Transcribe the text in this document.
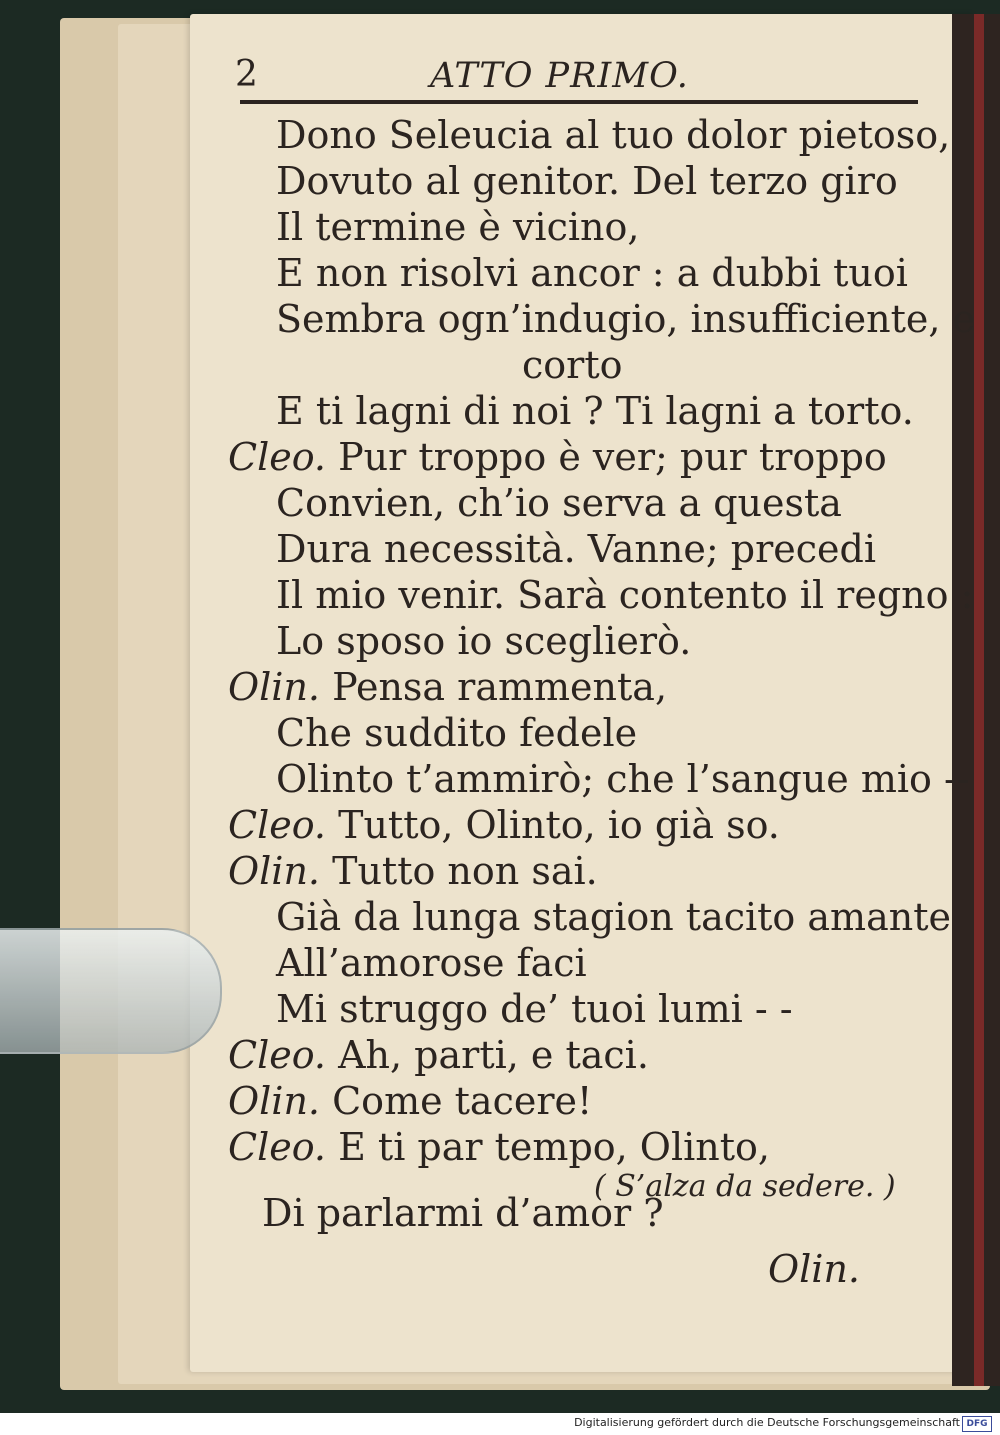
2	ATTO PRIMO.
Dono Seleucia al tuo dolor pietoso,
Dovuto al genitor. Del terzo giro
Il termine è vicino,
E non risolvi ancor : a dubbi tuoi
Sembra ogn’indugio, insufficiente, e
corto
E ti lagni di noi ? Ti lagni a torto.
Cleo. Pur troppo è ver; pur troppo
Convien, ch’io serva a questa
Dura necessità. Vanne; precedi
Il mio venir. Sarà contento il regno :
Lo sposo io sceglierò.
Olin. Pensa rammenta,
Che suddito fedele
Olinto t’ammirò; che l’sangue mio --
Cleo. Tutto, Olinto, io già so.
Olin. Tutto non sai.
Già da lunga stagion tacito amante
All’amorose faci
Mi struggo de’ tuoi lumi - -
Cleo. Ah, parti, e taci.
Olin. Come tacere!
Cleo. E ti par tempo, Olinto,
( S’alza da sedere. )
Di parlarmi d’amor ?
Olin.
Digitalisierung gefördert durch die Deutsche Forschungsgemeinschaft DFG
